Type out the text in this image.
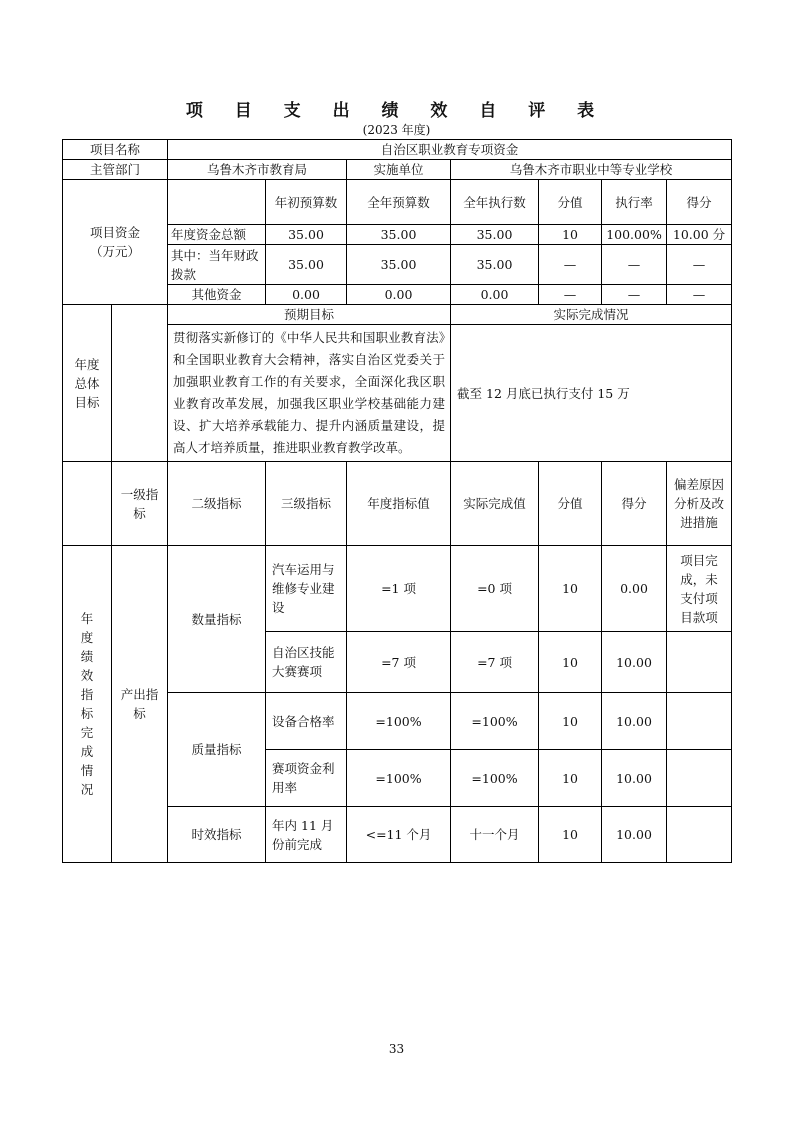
项 目 支 出 绩 效 自 评 表
(2023 年度)
项目名称		自治区职业教育专项资金						
主管部门		乌鲁木齐市教育局		实施单位	乌鲁木齐市职业中等专业学校			
项目资金
（万元）			年初预算数	全年预算数	全年执行数	分值	执行率	得分
		年度资金总额	35.00	35.00	35.00	10	100.00%	10.00 分
		其中：当年财政拨款	35.00	35.00	35.00	—	—	—
		其他资金	0.00	0.00	0.00	—	—	—
年度总体目标		预期目标			实际完成情况			
		贯彻落实新修订的《中华人民共和国职业教育法》和全国职业教育大会精神，落实自治区党委关于加强职业教育工作的有关要求，全面深化我区职业教育改革发展，加强我区职业学校基础能力建设、扩大培养承载能力、提升内涵质量建设，提高人才培养质量，推进职业教育教学改革。			截至 12 月底已执行支付 15 万			
	一级指标	二级指标	三级指标	年度指标值	实际完成值	分值	得分	偏差原因分析及改进措施
年度绩效指标完成情况	产出指标	数量指标	汽车运用与维修专业建设	=1 项	=0 项	10	0.00	项目完成，未支付项目款项
			自治区技能大赛赛项	=7 项	=7 项	10	10.00	
		质量指标	设备合格率	=100%	=100%	10	10.00	
			赛项资金利用率	=100%	=100%	10	10.00	
		时效指标	年内 11 月份前完成	<=11 个月	十一个月	10	10.00	
33
